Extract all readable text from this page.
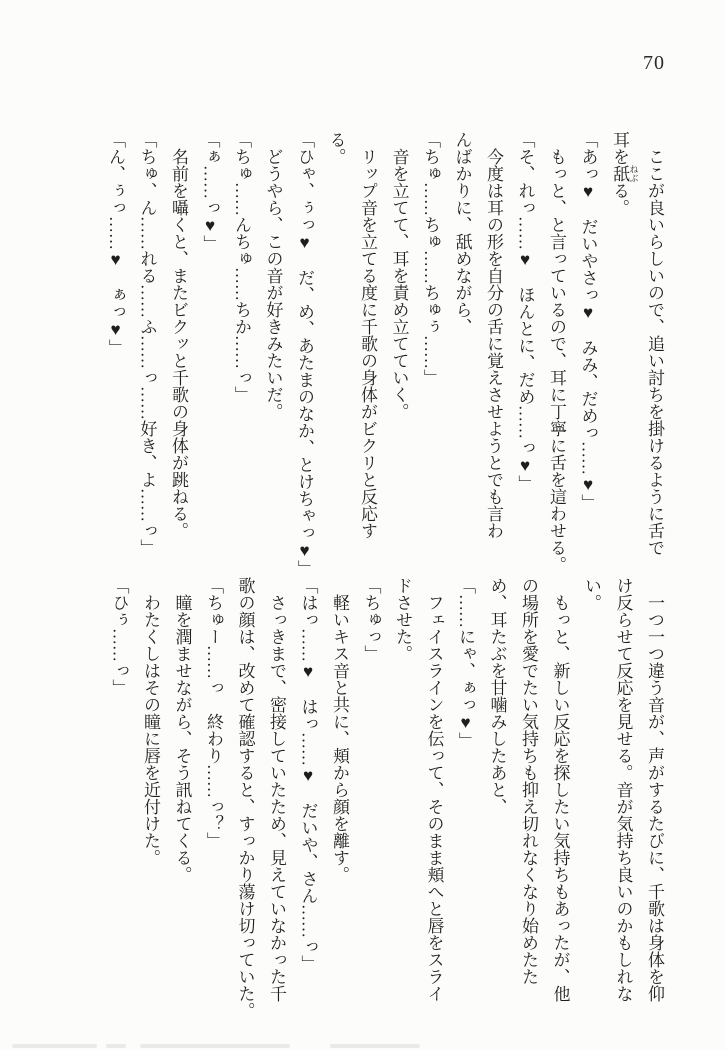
70

ここが良いらしいので、追い討ちを掛けるように舌で

耳を舐 ねぶる。

「あっ♥　だいやさっ♥　みみ、だめっ……♥」

もっと、と言っているので、耳に丁寧に舌を這わせる。

「そ、れっ……♥　ほんとに、だめ……っ♥」

今度は耳の形を自分の舌に覚えさせようとでも言わ

んばかりに、舐めながら、

「ちゅ……ちゅ……ちゅぅ……」

音を立てて、耳を責め立てていく。

リップ音を立てる度に千歌の身体がビクリと反応す

る。

「ひゃ、ぅっ♥　だ、め、あたまのなか、とけちゃっ♥」

どうやら、この音が好きみたいだ。

「ちゅ……んちゅ……ちか……っ」

「ぁ……っ♥」

名前を囁くと、またビクッと千歌の身体が跳ねる。

「ちゅ、ん……れる……ふ……っ……好き、よ……っ」

「ん、ぅっ……♥　ぁっ♥」

一つ一つ違う音が、声がするたびに、千歌は身体を仰

け反らせて反応を見せる。音が気持ち良いのかもしれな

い。

もっと、新しい反応を探したい気持ちもあったが、他

の場所を愛でたい気持ちも抑え切れなくなり始めたた

め、耳たぶを甘噛みしたあと、

「……にゃ、ぁっ♥」

フェイスラインを伝って、そのまま頬へと唇をスライ

ドさせた。

「ちゅっ」

軽いキス音と共に、頬から顔を離す。

「はっ……♥　はっ……♥　だいや、さん……っ」

さっきまで、密接していたため、見えていなかった千

歌の顔は、改めて確認すると、すっかり蕩け切っていた。

「ちゅー……っ　終わり……っ？」

瞳を潤ませながら、そう訊ねてくる。

わたくしはその瞳に唇を近付けた。

「ひぅ……っ」
